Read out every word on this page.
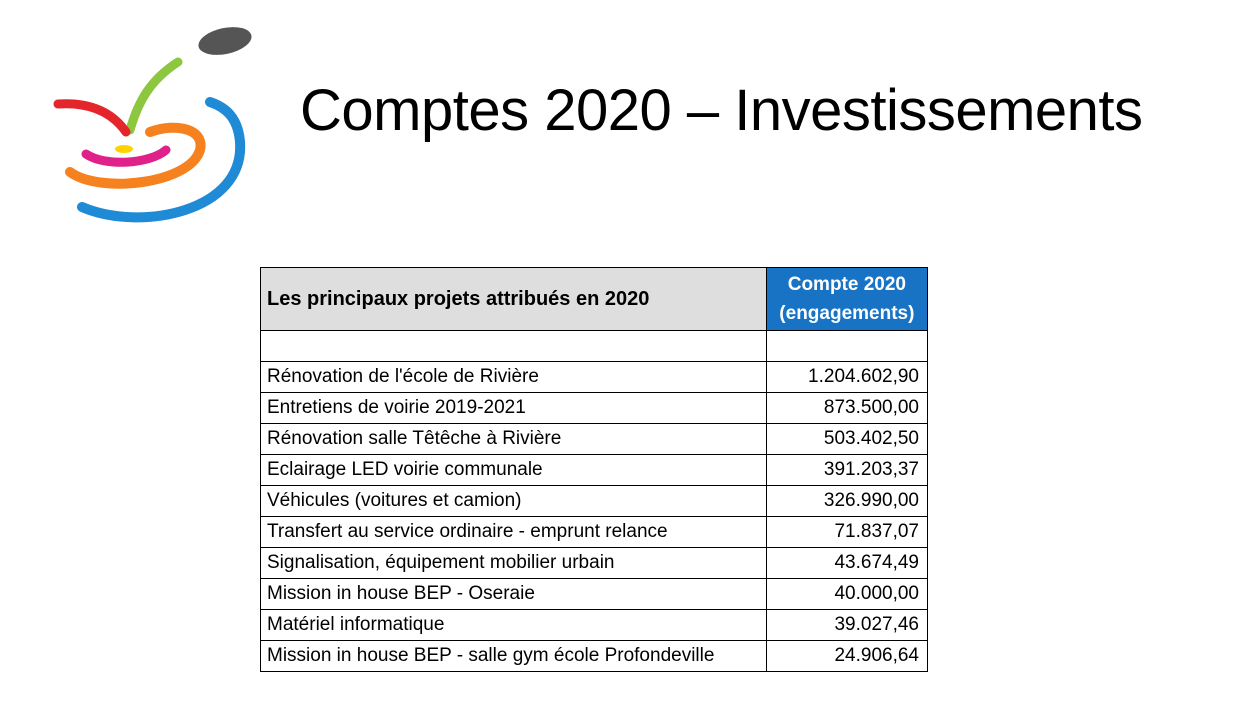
Comptes 2020 – Investissements
Les principaux projets attribués en 2020	Compte 2020
(engagements)

Rénovation de l'école de Rivière	1.204.602,90
Entretiens de voirie 2019-2021	873.500,00
Rénovation salle Têtêche à Rivière	503.402,50
Eclairage LED voirie communale	391.203,37
Véhicules (voitures et camion)	326.990,00
Transfert au service ordinaire - emprunt relance	71.837,07
Signalisation, équipement mobilier urbain	43.674,49
Mission in house BEP - Oseraie	40.000,00
Matériel informatique	39.027,46
Mission in house BEP - salle gym école Profondeville	24.906,64
